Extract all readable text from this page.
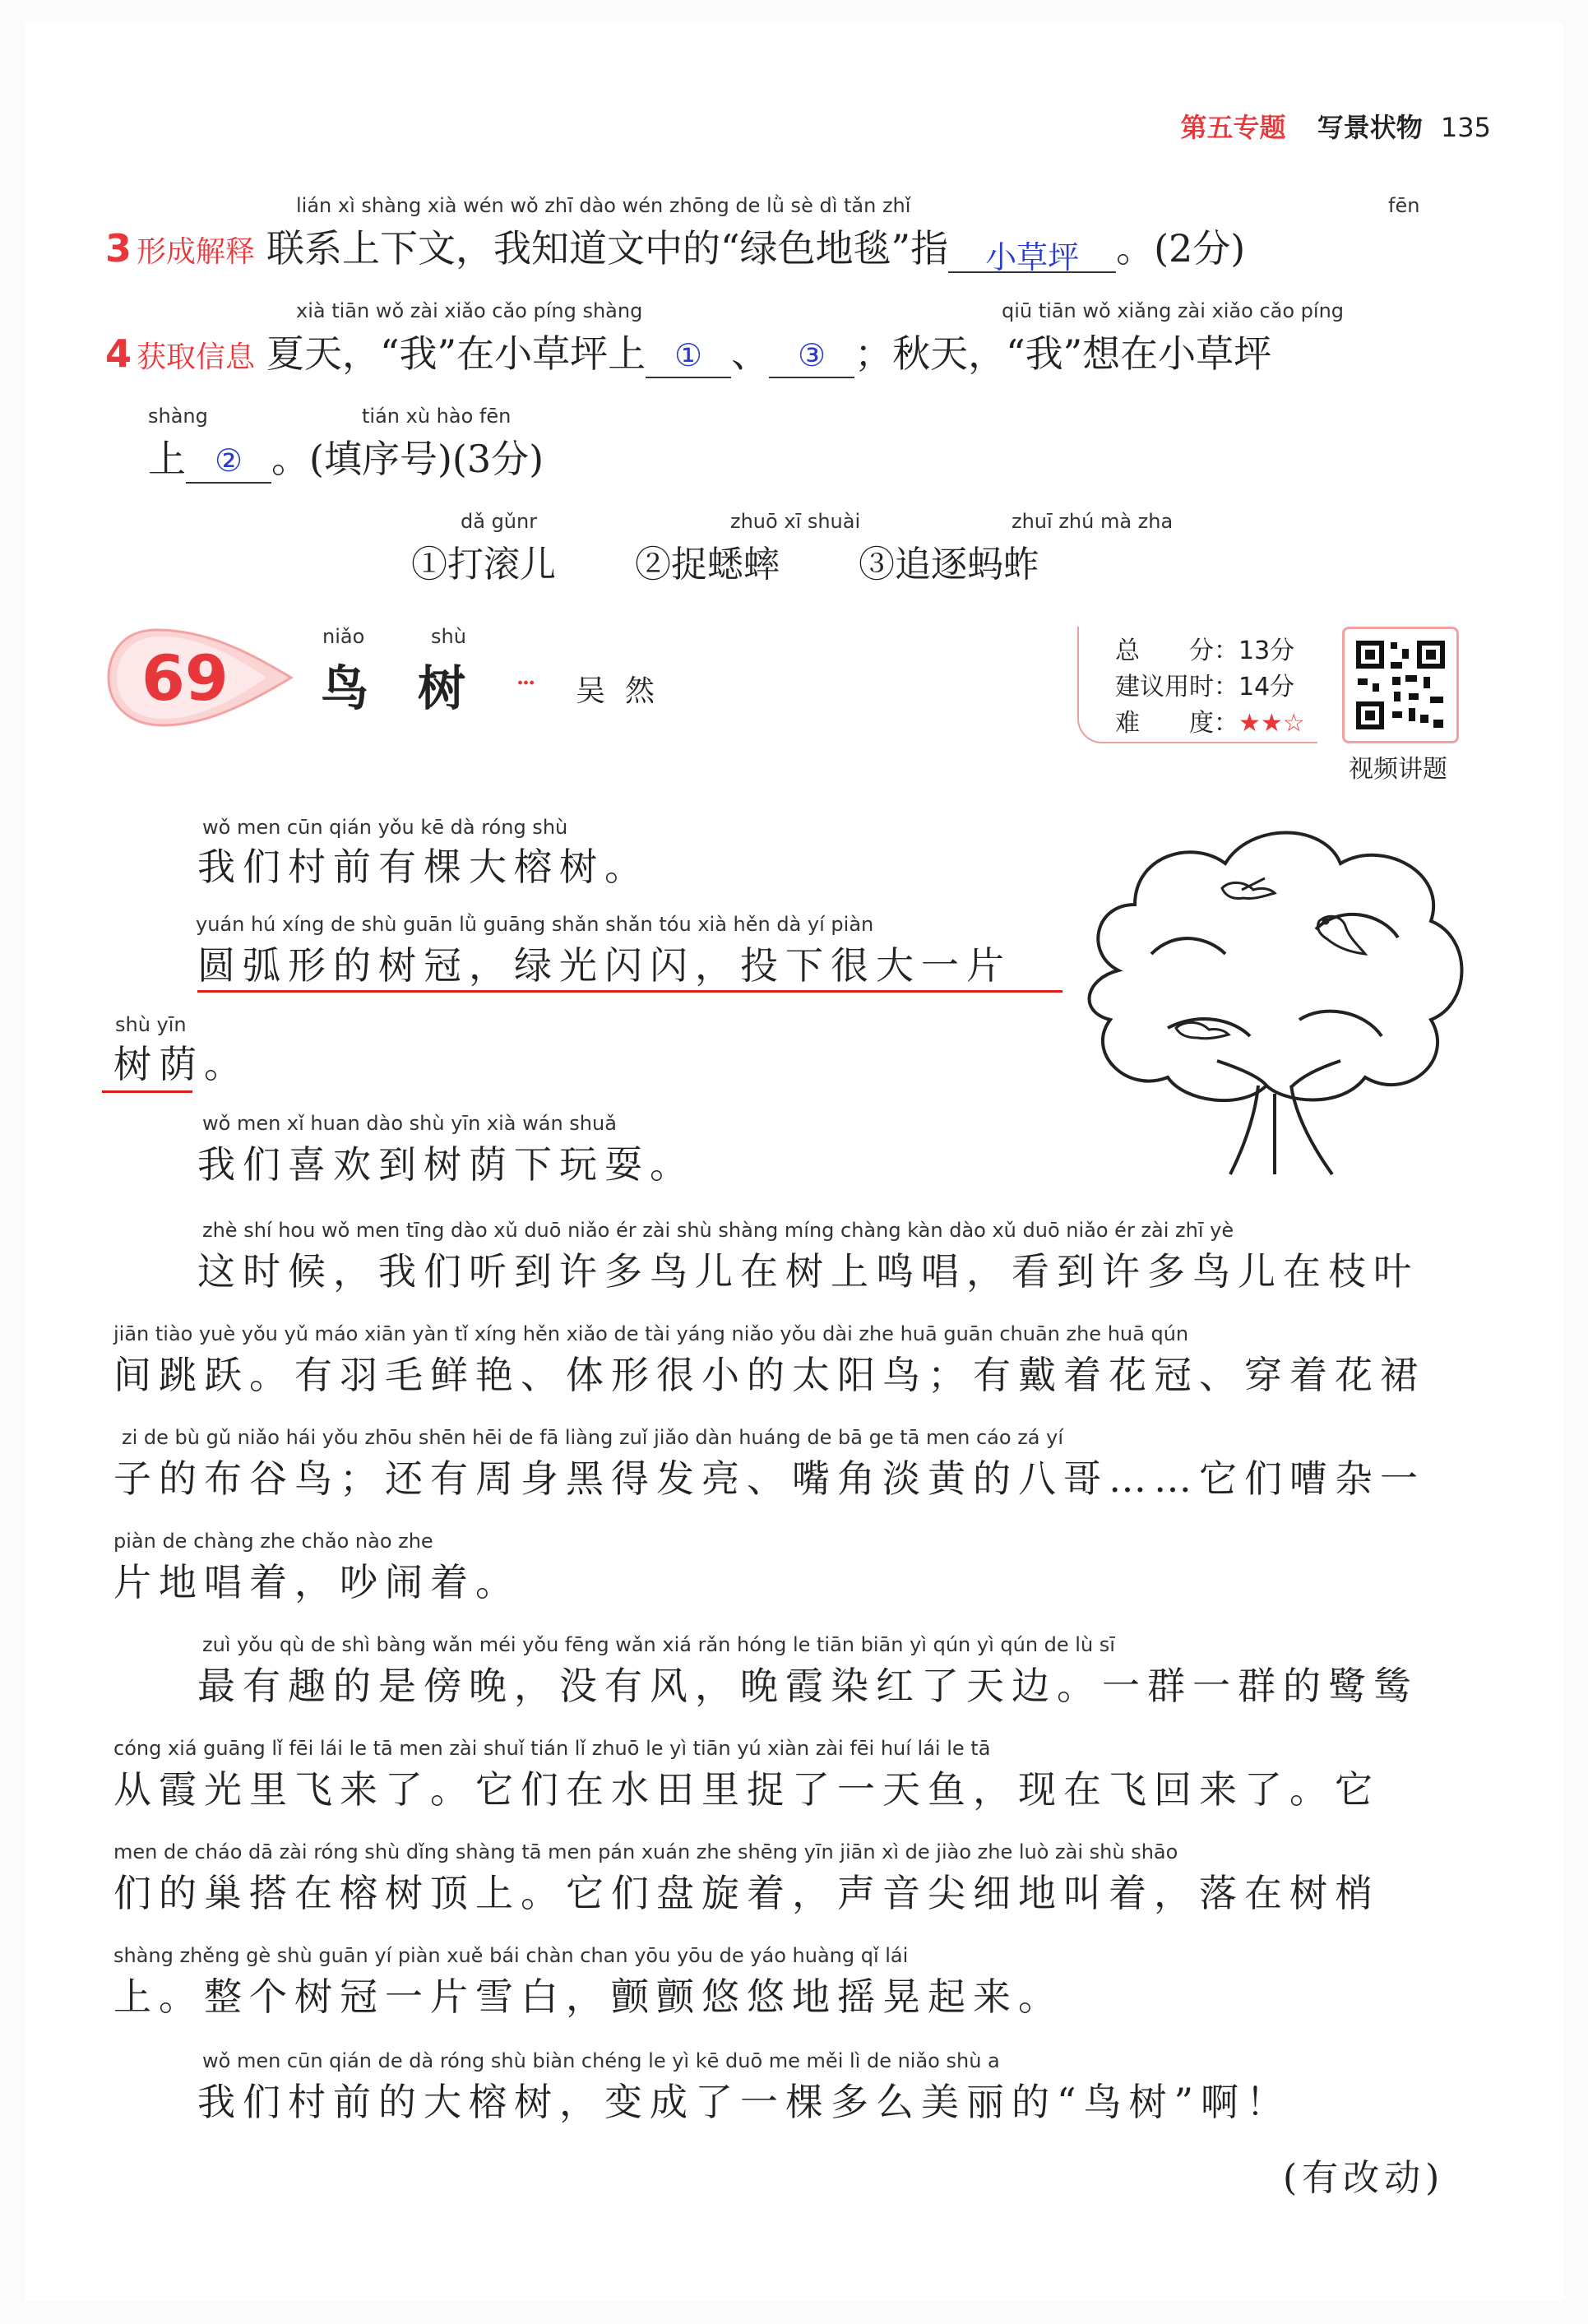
第五专题 写景状物 135
lián xì shàng xià wén wǒ zhī dào wén zhōng de lǜ sè dì tǎn zhǐ	fēn
3 形成解释 联系上下文，我知道文中的“绿色地毯”指 小草坪 。(2分)
xià tiān wǒ zài xiǎo cǎo píng shàng	qiū tiān wǒ xiǎng zài xiǎo cǎo píng
4 获取信息 夏天，“我”在小草坪上 ① 、 ③ ；秋天，“我”想在小草坪
shàng	tián xù hào fēn
上 ② 。(填序号)(3分)
dǎ gǔnr	zhuō xī shuài	zhuī zhú mà zha
①打滚儿 ②捉蟋蟀 ③追逐蚂蚱
69
niǎo	shù
鸟树 ··· 吴然
总　　分：13分
建议用时：14分
难　　度：★★☆
视频讲题
wǒ men cūn qián yǒu kē dà róng shù
我们村前有棵大榕树。
yuán hú xíng de shù guān lǜ guāng shǎn shǎn tóu xià hěn dà yí piàn
圆弧形的树冠，绿光闪闪，投下很大一片
shù yīn
树荫。
wǒ men xǐ huan dào shù yīn xià wán shuǎ
我们喜欢到树荫下玩耍。
zhè shí hou wǒ men tīng dào xǔ duō niǎo ér zài shù shàng míng chàng kàn dào xǔ duō niǎo ér zài zhī yè
这时候，我们听到许多鸟儿在树上鸣唱，看到许多鸟儿在枝叶
jiān tiào yuè yǒu yǔ máo xiān yàn tǐ xíng hěn xiǎo de tài yáng niǎo yǒu dài zhe huā guān chuān zhe huā qún
间跳跃。有羽毛鲜艳、体形很小的太阳鸟；有戴着花冠、穿着花裙
zi de bù gǔ niǎo hái yǒu zhōu shēn hēi de fā liàng zuǐ jiǎo dàn huáng de bā ge tā men cáo zá yí
子的布谷鸟；还有周身黑得发亮、嘴角淡黄的八哥……它们嘈杂一
piàn de chàng zhe chǎo nào zhe
片地唱着，吵闹着。
zuì yǒu qù de shì bàng wǎn méi yǒu fēng wǎn xiá rǎn hóng le tiān biān yì qún yì qún de lù sī
最有趣的是傍晚，没有风，晚霞染红了天边。一群一群的鹭鸶
cóng xiá guāng lǐ fēi lái le tā men zài shuǐ tián lǐ zhuō le yì tiān yú xiàn zài fēi huí lái le tā
从霞光里飞来了。它们在水田里捉了一天鱼，现在飞回来了。它
men de cháo dā zài róng shù dǐng shàng tā men pán xuán zhe shēng yīn jiān xì de jiào zhe luò zài shù shāo
们的巢搭在榕树顶上。它们盘旋着，声音尖细地叫着，落在树梢
shàng zhěng gè shù guān yí piàn xuě bái chàn chan yōu yōu de yáo huàng qǐ lái
上。整个树冠一片雪白，颤颤悠悠地摇晃起来。
wǒ men cūn qián de dà róng shù biàn chéng le yì kē duō me měi lì de niǎo shù a
我们村前的大榕树，变成了一棵多么美丽的“鸟树”啊！
(有改动)
